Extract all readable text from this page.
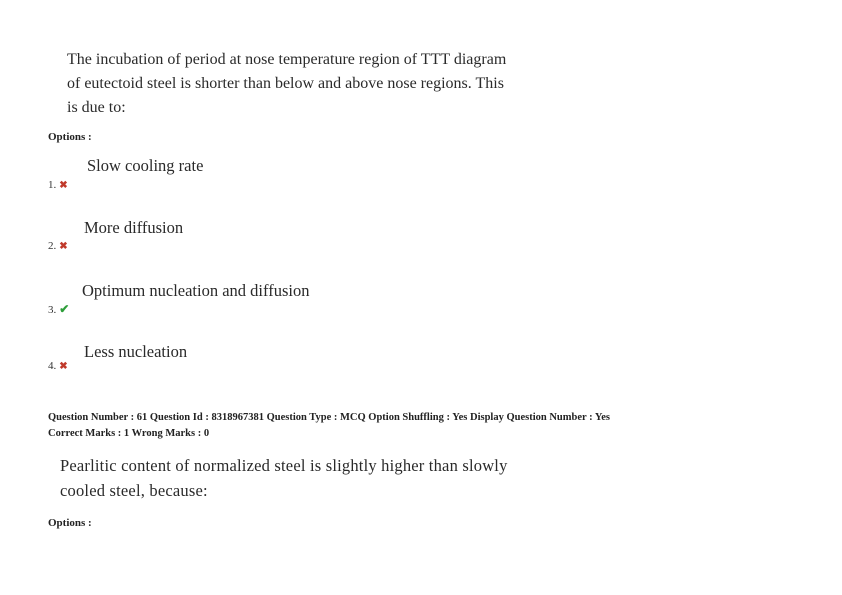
The incubation of period at nose temperature region of TTT diagram
of eutectoid steel is shorter than below and above nose regions. This
is due to:
Options :
Slow cooling rate
1. ✖
More diffusion
2. ✖
Optimum nucleation and diffusion
3. ✔
Less nucleation
4. ✖
Question Number : 61 Question Id : 8318967381 Question Type : MCQ Option Shuffling : Yes Display Question Number : Yes
Correct Marks : 1 Wrong Marks : 0
Pearlitic content of normalized steel is slightly higher than slowly
cooled steel, because:
Options :
